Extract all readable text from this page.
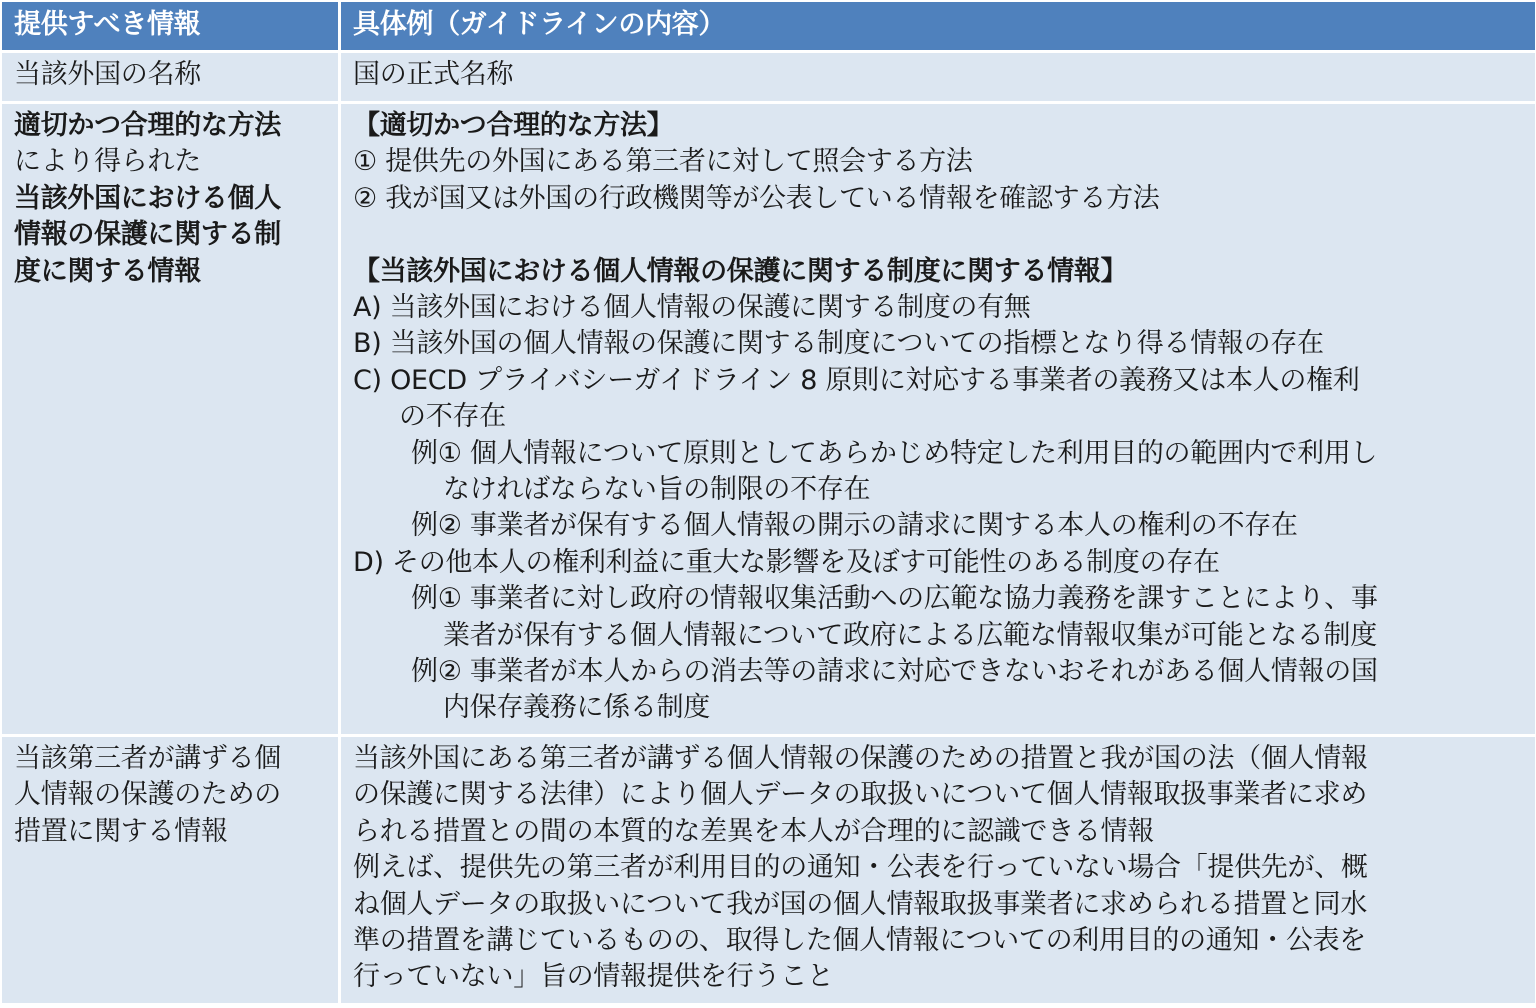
提供すべき情報	具体例（ガイドラインの内容）
当該外国の名称	国の正式名称
適切かつ合理的な方法
により得られた
当該外国における個人
情報の保護に関する制
度に関する情報
【適切かつ合理的な方法】
① 提供先の外国にある第三者に対して照会する方法
② 我が国又は外国の行政機関等が公表している情報を確認する方法
【当該外国における個人情報の保護に関する制度に関する情報】
A) 当該外国における個人情報の保護に関する制度の有無
B) 当該外国の個人情報の保護に関する制度についての指標となり得る情報の存在
C) OECD プライバシーガイドライン 8 原則に対応する事業者の義務又は本人の権利
の不存在
例① 個人情報について原則としてあらかじめ特定した利用目的の範囲内で利用し
なければならない旨の制限の不存在
例② 事業者が保有する個人情報の開示の請求に関する本人の権利の不存在
D) その他本人の権利利益に重大な影響を及ぼす可能性のある制度の存在
例① 事業者に対し政府の情報収集活動への広範な協力義務を課すことにより、事
業者が保有する個人情報について政府による広範な情報収集が可能となる制度
例② 事業者が本人からの消去等の請求に対応できないおそれがある個人情報の国
内保存義務に係る制度
当該第三者が講ずる個
人情報の保護のための
措置に関する情報
当該外国にある第三者が講ずる個人情報の保護のための措置と我が国の法（個人情報
の保護に関する法律）により個人データの取扱いについて個人情報取扱事業者に求め
られる措置との間の本質的な差異を本人が合理的に認識できる情報
例えば、提供先の第三者が利用目的の通知・公表を行っていない場合「提供先が、概
ね個人データの取扱いについて我が国の個人情報取扱事業者に求められる措置と同水
準の措置を講じているものの、取得した個人情報についての利用目的の通知・公表を
行っていない」旨の情報提供を行うこと
